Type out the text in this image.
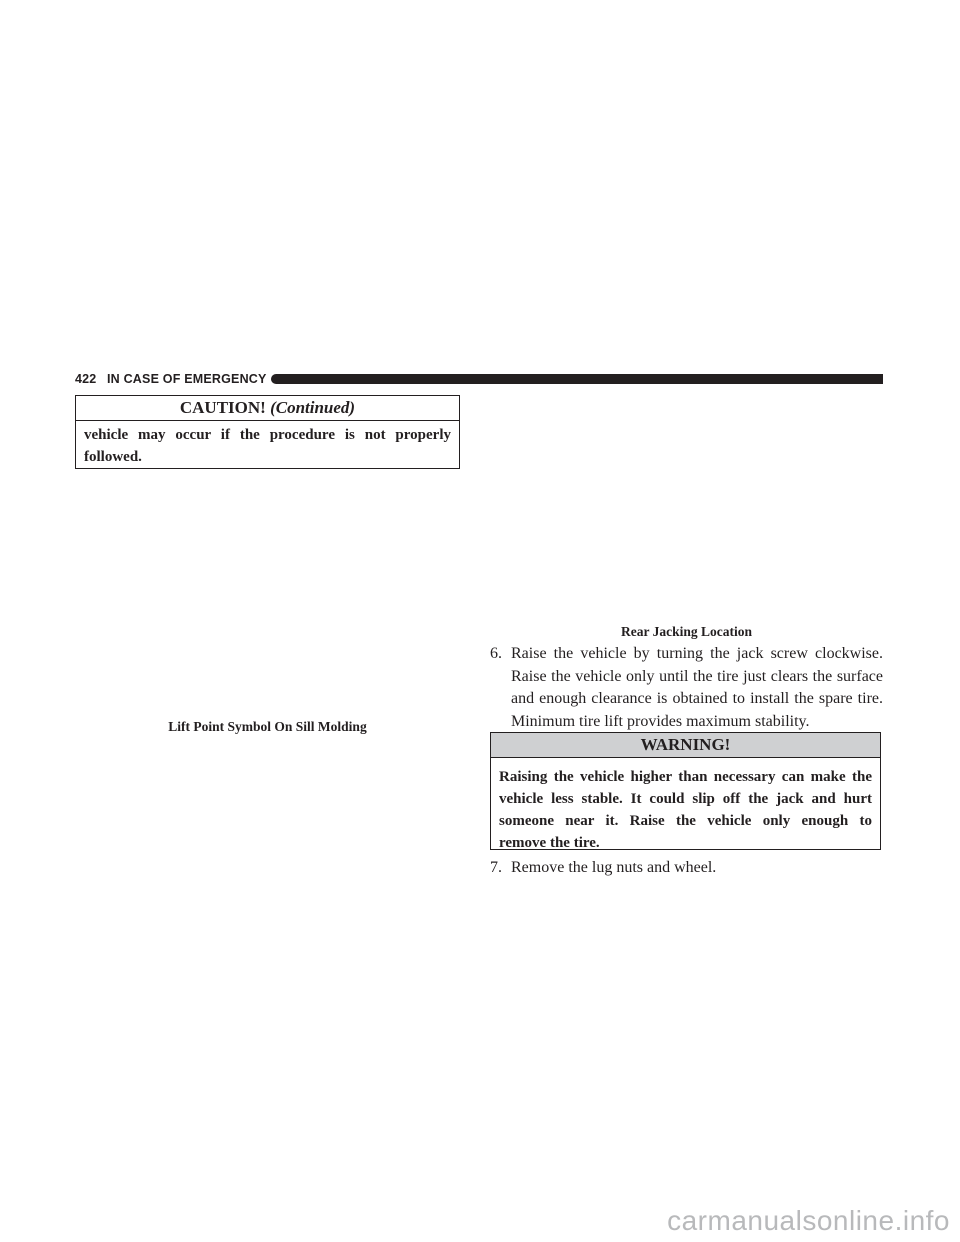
422 IN CASE OF EMERGENCY
CAUTION! (Continued)
vehicle may occur if the procedure is not properly
followed.
Lift Point Symbol On Sill Molding
Rear Jacking Location
6. Raise the vehicle by turning the jack screw clockwise. Raise the vehicle only until the tire just clears the surface and enough clearance is obtained to install the spare tire. Minimum tire lift provides maximum stability.
WARNING!
Raising the vehicle higher than necessary can make the
vehicle less stable. It could slip off the jack and hurt
someone near it. Raise the vehicle only enough to
remove the tire.
7. Remove the lug nuts and wheel.
carmanualsonline.info
